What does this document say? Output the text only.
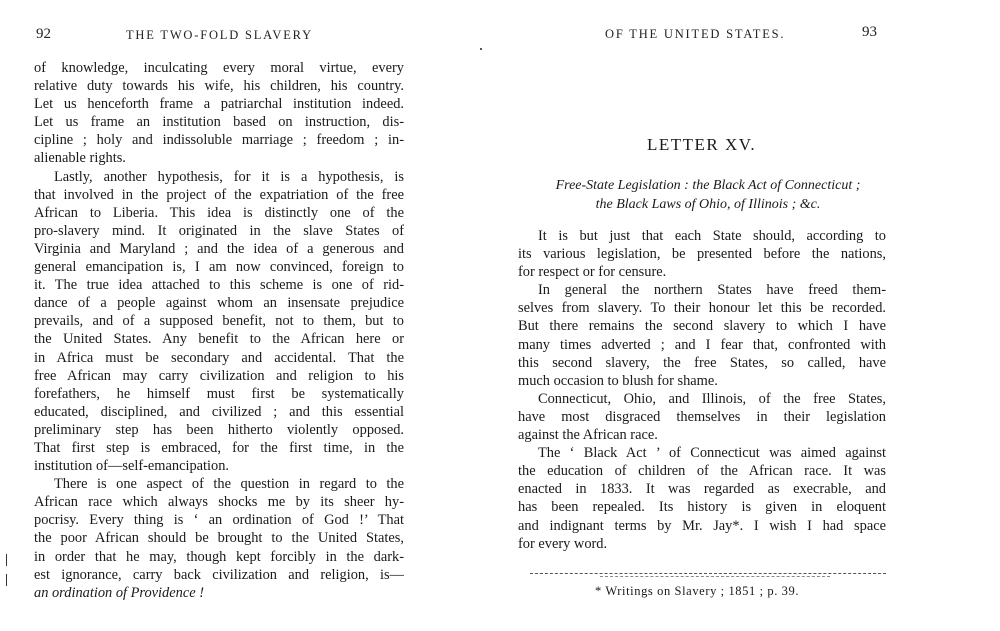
92	THE TWO-FOLD SLAVERY
of knowledge, inculcating every moral virtue, every
relative duty towards his wife, his children, his country.
Let us henceforth frame a patriarchal institution indeed.
Let us frame an institution based on instruction, dis-
cipline ; holy and indissoluble marriage ; freedom ; in-
alienable rights.
Lastly, another hypothesis, for it is a hypothesis, is
that involved in the project of the expatriation of the free
African to Liberia. This idea is distinctly one of the
pro-slavery mind. It originated in the slave States of
Virginia and Maryland ; and the idea of a generous and
general emancipation is, I am now convinced, foreign to
it. The true idea attached to this scheme is one of rid-
dance of a people against whom an insensate prejudice
prevails, and of a supposed benefit, not to them, but to
the United States. Any benefit to the African here or
in Africa must be secondary and accidental. That the
free African may carry civilization and religion to his
forefathers, he himself must first be systematically
educated, disciplined, and civilized ; and this essential
preliminary step has been hitherto violently opposed.
That first step is embraced, for the first time, in the
institution of—self-emancipation.
There is one aspect of the question in regard to the
African race which always shocks me by its sheer hy-
pocrisy. Every thing is ‘ an ordination of God !’ That
the poor African should be brought to the United States,
in order that he may, though kept forcibly in the dark-
est ignorance, carry back civilization and religion, is—
an ordination of Providence !
OF THE UNITED STATES.	93
LETTER XV.
Free-State Legislation : the Black Act of Connecticut ;
the Black Laws of Ohio, of Illinois ; &c.
It is but just that each State should, according to
its various legislation, be presented before the nations,
for respect or for censure.
In general the northern States have freed them-
selves from slavery. To their honour let this be recorded.
But there remains the second slavery to which I have
many times adverted ; and I fear that, confronted with
this second slavery, the free States, so called, have
much occasion to blush for shame.
Connecticut, Ohio, and Illinois, of the free States,
have most disgraced themselves in their legislation
against the African race.
The ‘ Black Act ’ of Connecticut was aimed against
the education of children of the African race. It was
enacted in 1833. It was regarded as execrable, and
has been repealed. Its history is given in eloquent
and indignant terms by Mr. Jay*. I wish I had space
for every word.
* Writings on Slavery ; 1851 ; p. 39.
